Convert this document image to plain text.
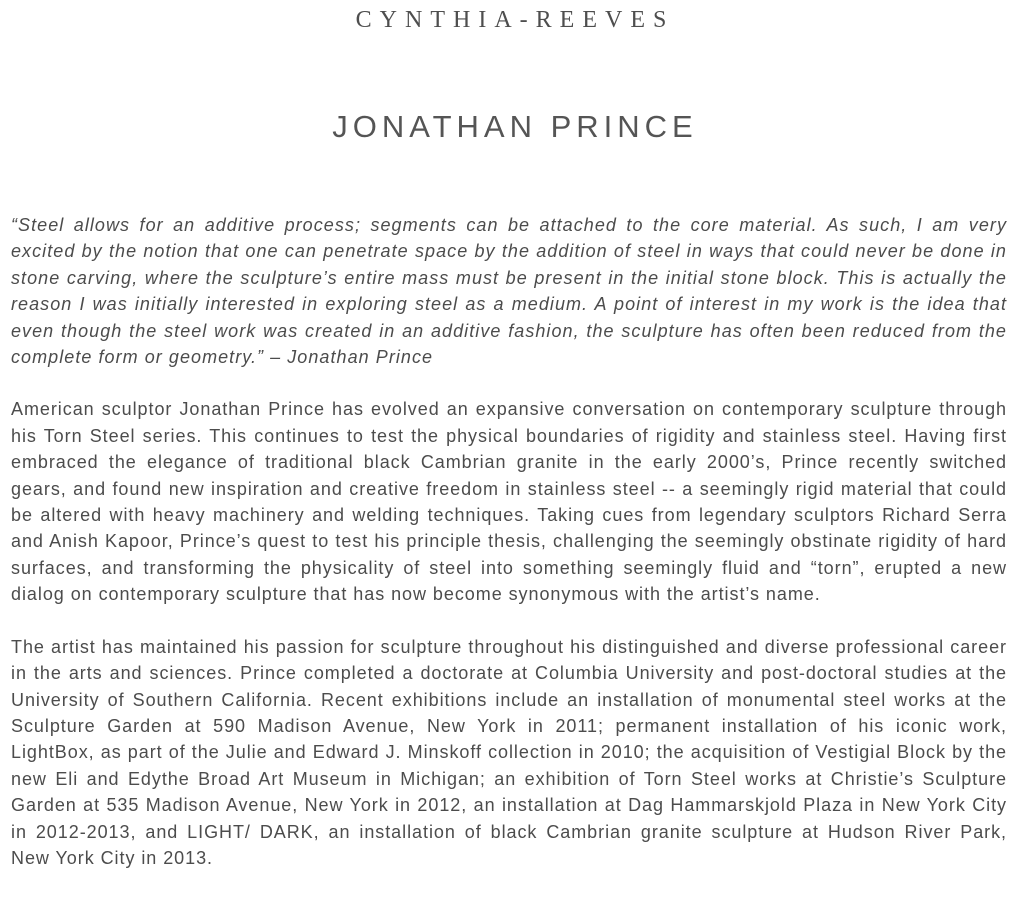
CYNTHIA-REEVES
JONATHAN PRINCE

“Steel allows for an additive process; segments can be attached to the core material. As such, I am very excited by the notion that one can penetrate space by the addition of steel in ways that could never be done in stone carving, where the sculpture’s entire mass must be present in the initial stone block. This is actually the reason I was initially interested in exploring steel as a medium. A point of interest in my work is the idea that even though the steel work was created in an additive fashion, the sculpture has often been reduced from the complete form or geometry.” – Jonathan Prince

American sculptor Jonathan Prince has evolved an expansive conversation on contemporary sculpture through his Torn Steel series. This continues to test the physical boundaries of rigidity and stainless steel. Having first embraced the elegance of traditional black Cambrian granite in the early 2000’s, Prince recently switched gears, and found new inspiration and creative freedom in stainless steel -- a seemingly rigid material that could be altered with heavy machinery and welding techniques. Taking cues from legendary sculptors Richard Serra and Anish Kapoor, Prince’s quest to test his principle thesis, challenging the seemingly obstinate rigidity of hard surfaces, and transforming the physicality of steel into something seemingly fluid and “torn”, erupted a new dialog on contemporary sculpture that has now become synonymous with the artist’s name.

The artist has maintained his passion for sculpture throughout his distinguished and diverse professional career in the arts and sciences. Prince completed a doctorate at Columbia University and post-doctoral studies at the University of Southern California. Recent exhibitions include an installation of monumental steel works at the Sculpture Garden at 590 Madison Avenue, New York in 2011; permanent installation of his iconic work, LightBox, as part of the Julie and Edward J. Minskoff collection in 2010; the acquisition of Vestigial Block by the new Eli and Edythe Broad Art Museum in Michigan; an exhibition of Torn Steel works at Christie’s Sculpture Garden at 535 Madison Avenue, New York in 2012, an installation at Dag Hammarskjold Plaza in New York City in 2012-2013, and LIGHT/ DARK, an installation of black Cambrian granite sculpture at Hudson River Park, New York City in 2013.
